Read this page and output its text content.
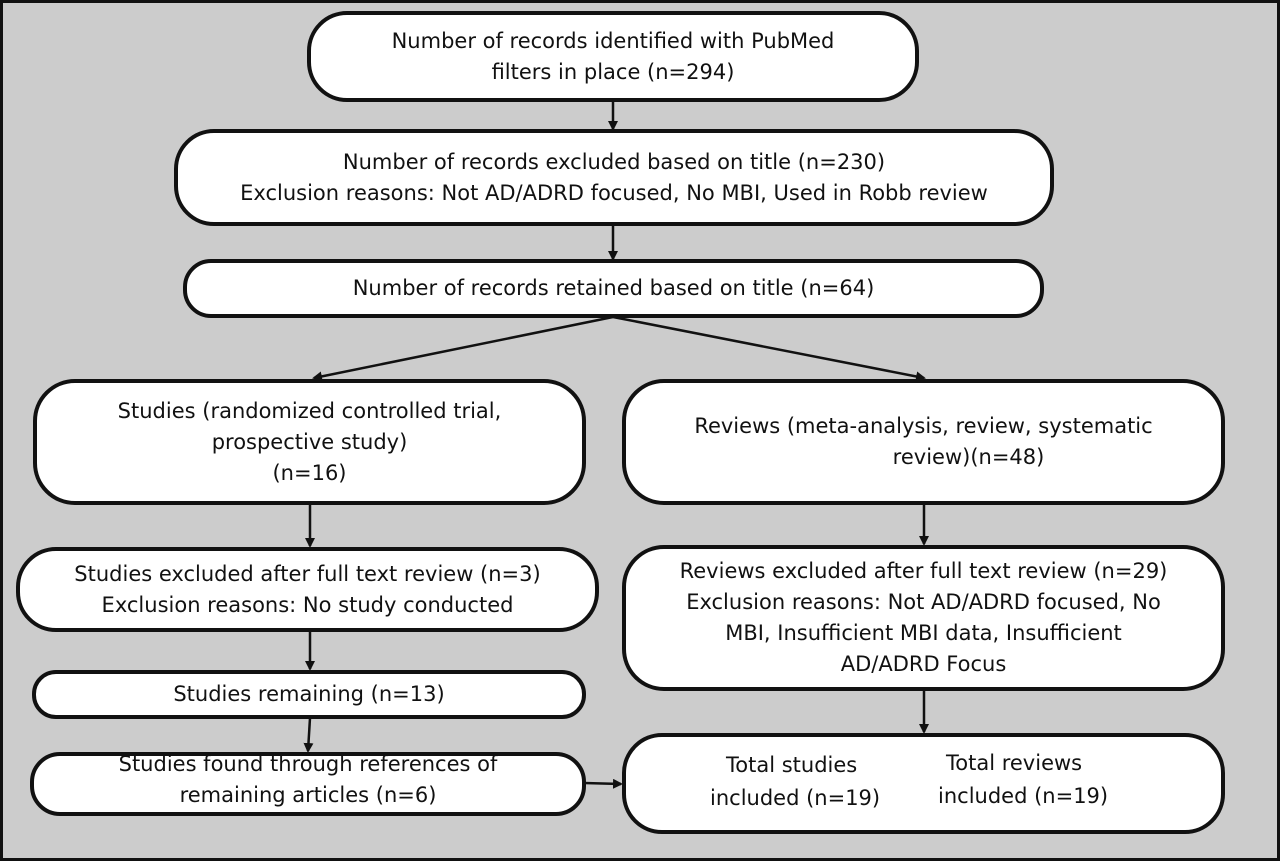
Number of records identified with PubMed
filters in place (n=294)
Number of records excluded based on title (n=230)
Exclusion reasons: Not AD/ADRD focused, No MBI, Used in Robb review
Number of records retained based on title (n=64)
Studies (randomized controlled trial,
prospective study)
(n=16)
Reviews (meta-analysis, review, systematic
review)(n=48)
Studies excluded after full text review (n=3)
Exclusion reasons: No study conducted
Reviews excluded after full text review (n=29)
Exclusion reasons: Not AD/ADRD focused, No
MBI, Insufficient MBI data, Insufficient
AD/ADRD Focus
Studies remaining (n=13)
Studies found through references of
remaining articles (n=6)
Total studies
included (n=19)
Total reviews
included (n=19)
